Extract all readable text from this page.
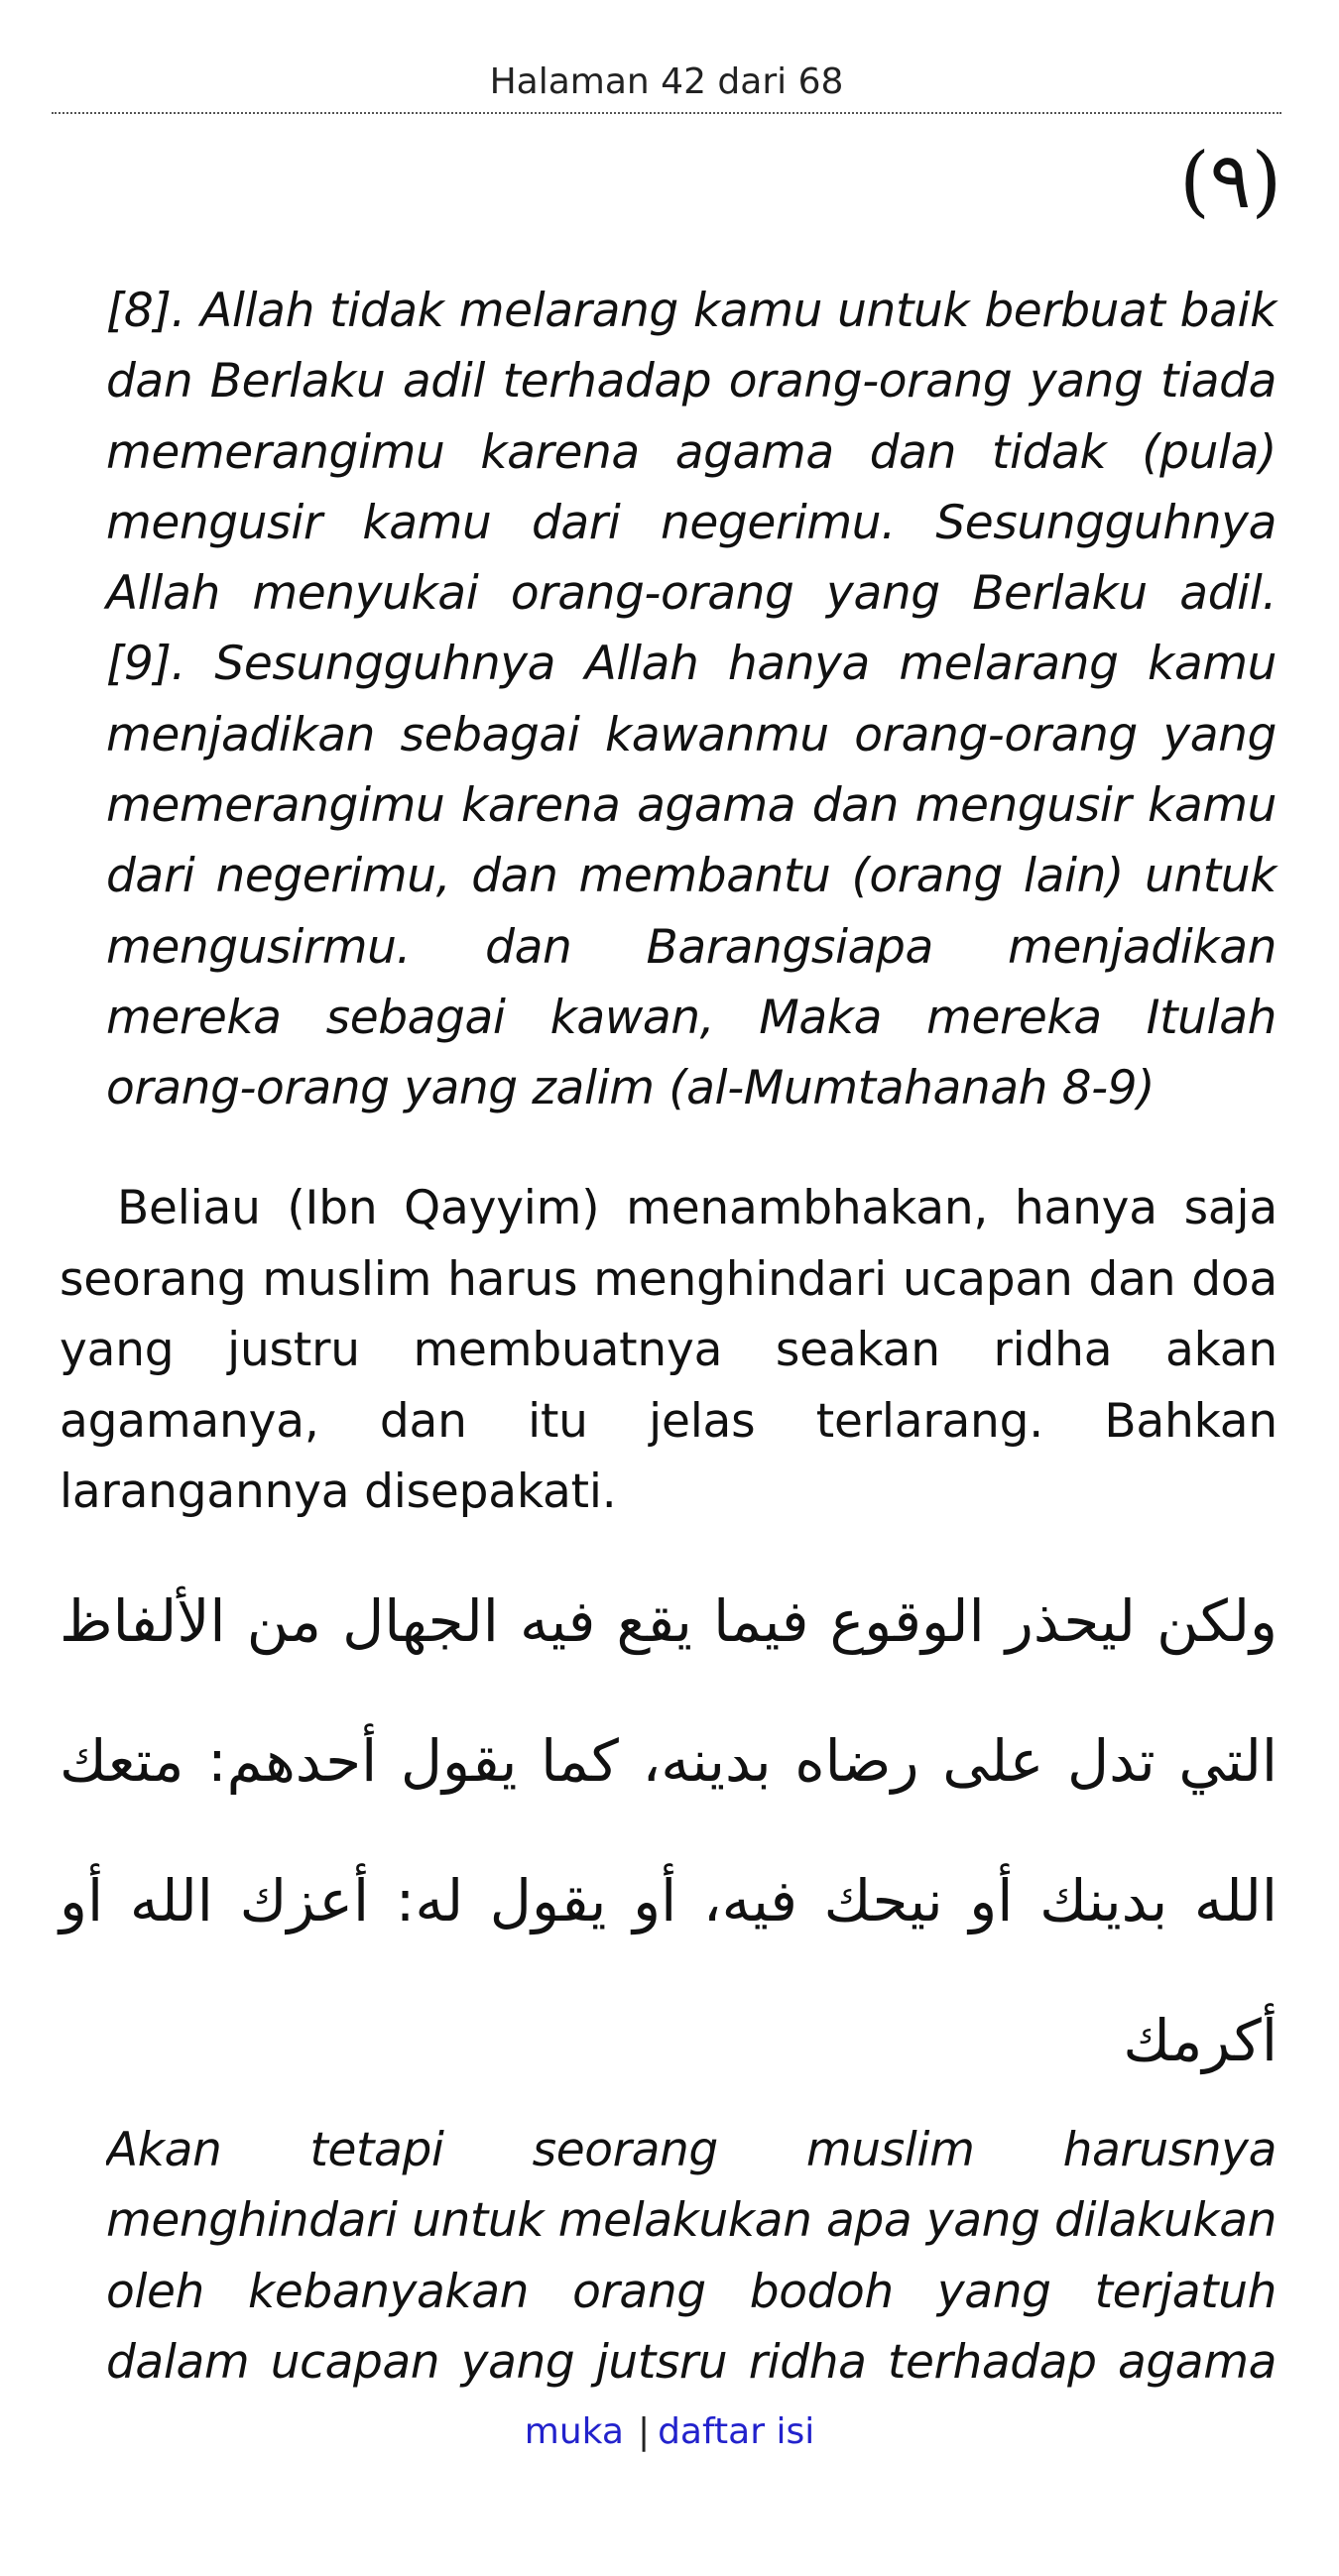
Halaman 42 dari 68
(٩)

[8]. Allah tidak melarang kamu untuk berbuat baik dan Berlaku adil terhadap orang-orang yang tiada memerangimu karena agama dan tidak (pula) mengusir kamu dari negerimu. Sesungguhnya Allah menyukai orang-orang yang Berlaku adil. [9]. Sesungguhnya Allah hanya melarang kamu menjadikan sebagai kawanmu orang-orang yang memerangimu karena agama dan mengusir kamu dari negerimu, dan membantu (orang lain) untuk mengusirmu. dan Barangsiapa menjadikan mereka sebagai kawan, Maka mereka Itulah orang-orang yang zalim (al-Mumtahanah 8-9)

Beliau (Ibn Qayyim) menambhakan, hanya saja seorang muslim harus menghindari ucapan dan doa yang justru membuatnya seakan ridha akan agamanya, dan itu jelas terlarang. Bahkan larangannya disepakati.

ولكن ليحذر الوقوع فيما يقع فيه الجهال من الألفاظ التي تدل على رضاه بدينه، كما يقول أحدهم: متعك الله بدينك أو نيحك فيه، أو يقول له: أعزك الله أو أكرمك

Akan tetapi seorang muslim harusnya menghindari untuk melakukan apa yang dilakukan oleh kebanyakan orang bodoh yang terjatuh dalam ucapan yang jutsru ridha terhadap agama

muka | daftar isi
